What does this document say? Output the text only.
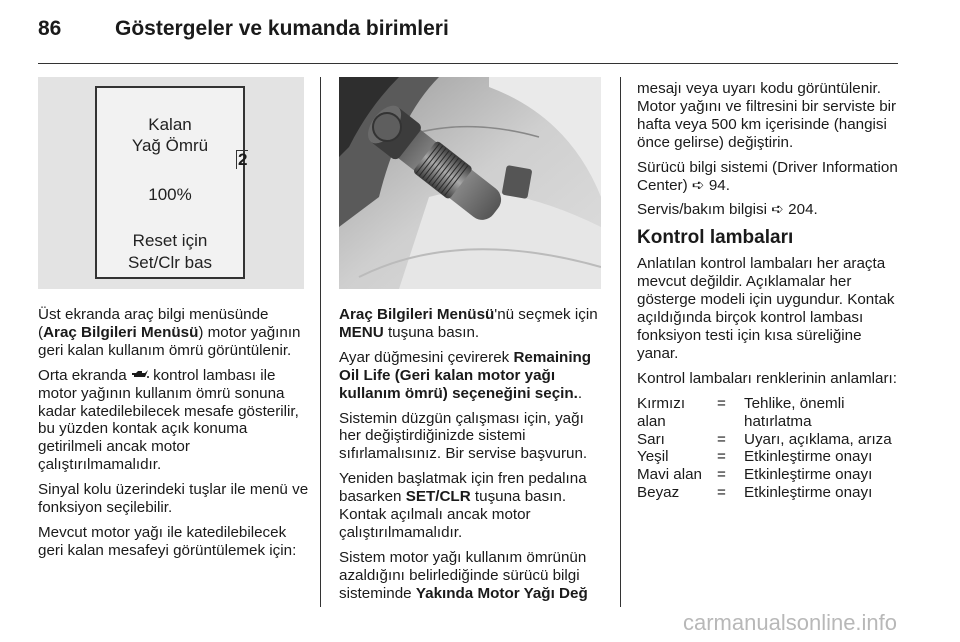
86	Göstergeler ve kumanda birimleri
Kalan
Yağ Ömrü
100%
Reset için
Set/Clr bas
2

Üst ekranda araç bilgi menüsünde (Araç Bilgileri Menüsü) motor yağının geri kalan kullanım ömrü görüntülenir.

Orta ekranda  kontrol lambası ile motor yağının kullanım ömrü sonuna kadar katedilebilecek mesafe gösterilir, bu yüzden kontak açık konuma getirilmeli ancak motor çalıştırılmamalıdır.

Sinyal kolu üzerindeki tuşlar ile menü ve fonksiyon seçilebilir.

Mevcut motor yağı ile katedilebilecek geri kalan mesafeyi görüntülemek için:

Araç Bilgileri Menüsü'nü seçmek için MENU tuşuna basın.

Ayar düğmesini çevirerek Remaining Oil Life (Geri kalan motor yağı kullanım ömrü) seçeneğini seçin..

Sistemin düzgün çalışması için, yağı her değiştirdiğinizde sistemi sıfırlamalısınız. Bir servise başvurun.

Yeniden başlatmak için fren pedalına basarken SET/CLR tuşuna basın. Kontak açılmalı ancak motor çalıştırılmamalıdır.

Sistem motor yağı kullanım ömrünün azaldığını belirlediğinde sürücü bilgi sisteminde Yakında Motor Yağı Değ

mesajı veya uyarı kodu görüntülenir. Motor yağını ve filtresini bir serviste bir hafta veya 500 km içerisinde (hangisi önce gelirse) değiştirin.

Sürücü bilgi sistemi (Driver Information Center) ➪ 94.

Servis/bakım bilgisi ➪ 204.

Kontrol lambaları

Anlatılan kontrol lambaları her araçta mevcut değildir. Açıklamalar her gösterge modeli için uygundur. Kontak açıldığında birçok kontrol lambası fonksiyon testi için kısa süreliğine yanar.

Kontrol lambaları renklerinin anlamları:

Kırmızı alan	=	Tehlike, önemli hatırlatma
Sarı	=	Uyarı, açıklama, arıza
Yeşil	=	Etkinleştirme onayı
Mavi alan	=	Etkinleştirme onayı
Beyaz	=	Etkinleştirme onayı
carmanualsonline.info
